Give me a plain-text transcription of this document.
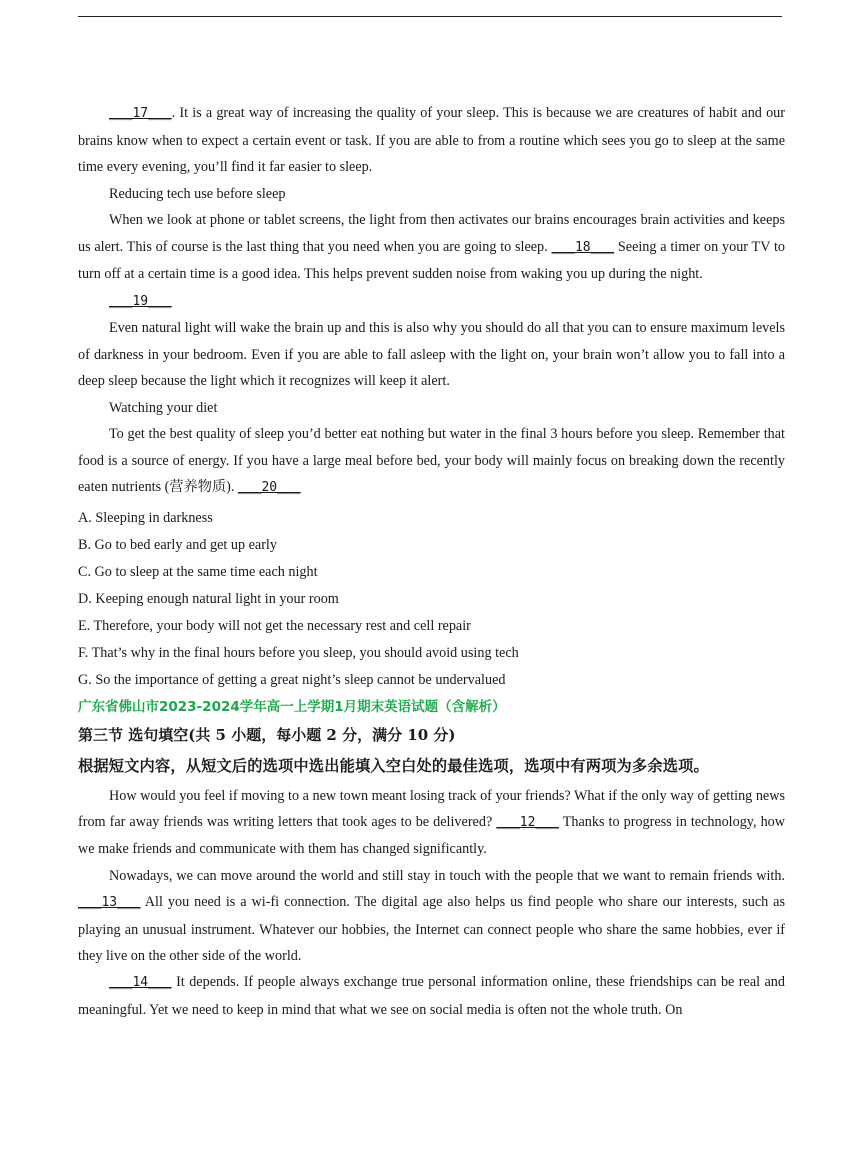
___17___. It is a great way of increasing the quality of your sleep. This is because we are creatures of habit and our brains know when to expect a certain event or task. If you are able to from a routine which sees you go to sleep at the same time every evening, you’ll find it far easier to sleep.

Reducing tech use before sleep

When we look at phone or tablet screens, the light from then activates our brains encourages brain activities and keeps us alert. This of course is the last thing that you need when you are going to sleep. ___18___ Seeing a timer on your TV to turn off at a certain time is a good idea. This helps prevent sudden noise from waking you up during the night.

___19___

Even natural light will wake the brain up and this is also why you should do all that you can to ensure maximum levels of darkness in your bedroom. Even if you are able to fall asleep with the light on, your brain won’t allow you to fall into a deep sleep because the light which it recognizes will keep it alert.

Watching your diet

To get the best quality of sleep you’d better eat nothing but water in the final 3 hours before you sleep. Remember that food is a source of energy. If you have a large meal before bed, your body will mainly focus on breaking down the recently eaten nutrients (营养物质). ___20___

A. Sleeping in darkness

B. Go to bed early and get up early

C. Go to sleep at the same time each night

D. Keeping enough natural light in your room

E. Therefore, your body will not get the necessary rest and cell repair

F. That’s why in the final hours before you sleep, you should avoid using tech

G. So the importance of getting a great night’s sleep cannot be undervalued

广东省佛山市2023-2024学年高一上学期1月期末英语试题（含解析）

第三节 选句填空(共 5 小题，每小题 2 分，满分 10 分)

根据短文内容，从短文后的选项中选出能填入空白处的最佳选项，选项中有两项为多余选项。

How would you feel if moving to a new town meant losing track of your friends? What if the only way of getting news from far away friends was writing letters that took ages to be delivered? ___12___ Thanks to progress in technology, how we make friends and communicate with them has changed significantly.

Nowadays, we can move around the world and still stay in touch with the people that we want to remain friends with. ___13___ All you need is a wi-fi connection. The digital age also helps us find people who share our interests, such as playing an unusual instrument. Whatever our hobbies, the Internet can connect people who share the same hobbies, ever if they live on the other side of the world.

___14___ It depends. If people always exchange true personal information online, these friendships can be real and meaningful. Yet we need to keep in mind that what we see on social media is often not the whole truth. On
